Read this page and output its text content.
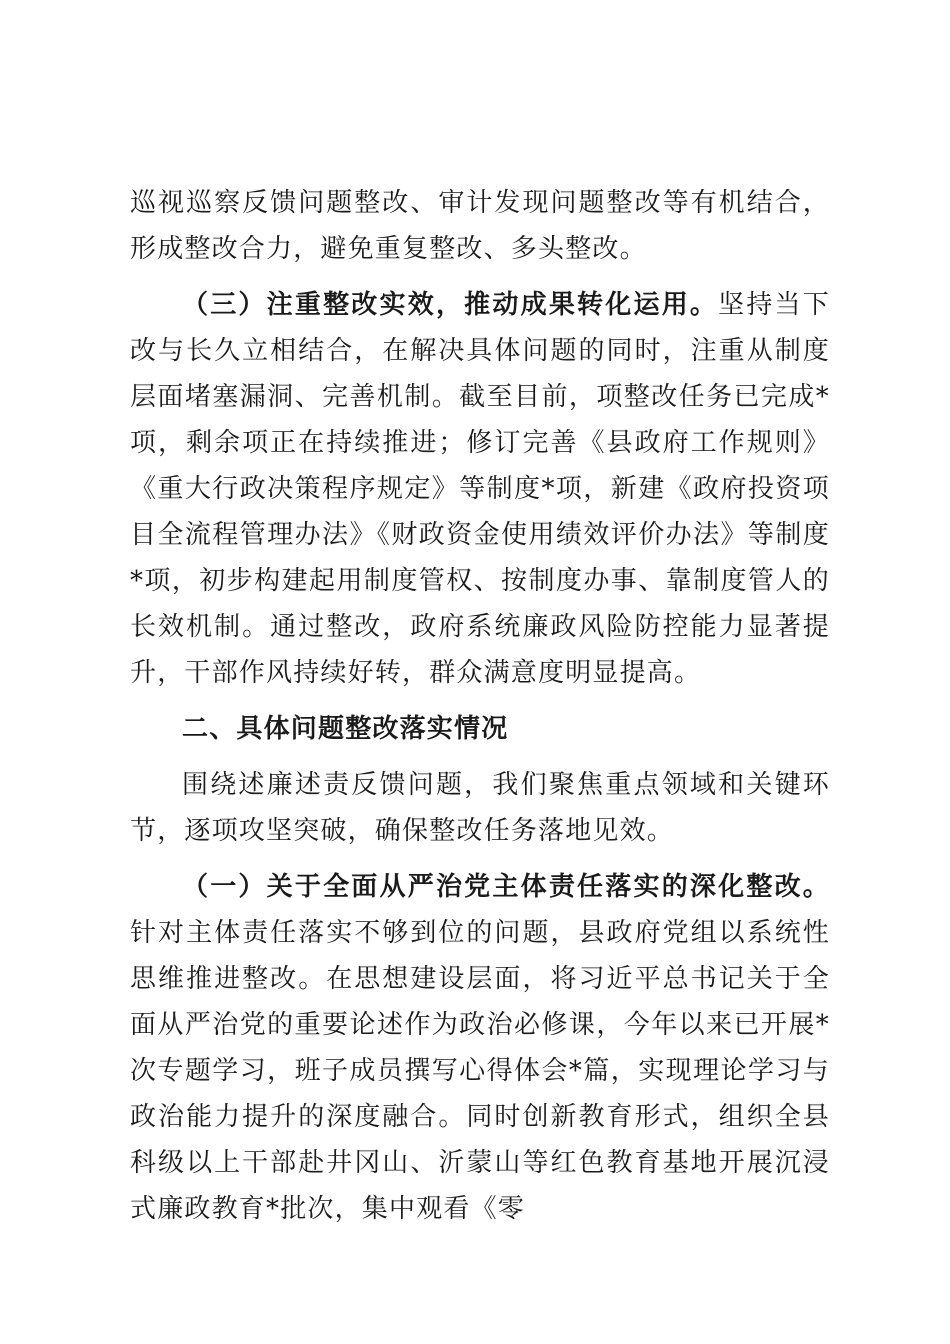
巡视巡察反馈问题整改、审计发现问题整改等有机结合，形成整改合力，避免重复整改、多头整改。

（三）注重整改实效，推动成果转化运用。坚持当下改与长久立相结合，在解决具体问题的同时，注重从制度层面堵塞漏洞、完善机制。截至目前，项整改任务已完成*项，剩余项正在持续推进；修订完善《县政府工作规则》《重大行政决策程序规定》等制度*项，新建《政府投资项目全流程管理办法》《财政资金使用绩效评价办法》等制度*项，初步构建起用制度管权、按制度办事、靠制度管人的长效机制。通过整改，政府系统廉政风险防控能力显著提升，干部作风持续好转，群众满意度明显提高。

二、具体问题整改落实情况

围绕述廉述责反馈问题，我们聚焦重点领域和关键环节，逐项攻坚突破，确保整改任务落地见效。

（一）关于全面从严治党主体责任落实的深化整改。针对主体责任落实不够到位的问题，县政府党组以系统性思维推进整改。在思想建设层面，将习近平总书记关于全面从严治党的重要论述作为政治必修课，今年以来已开展*次专题学习，班子成员撰写心得体会*篇，实现理论学习与政治能力提升的深度融合。同时创新教育形式，组织全县科级以上干部赴井冈山、沂蒙山等红色教育基地开展沉浸式廉政教育*批次，集中观看《零
